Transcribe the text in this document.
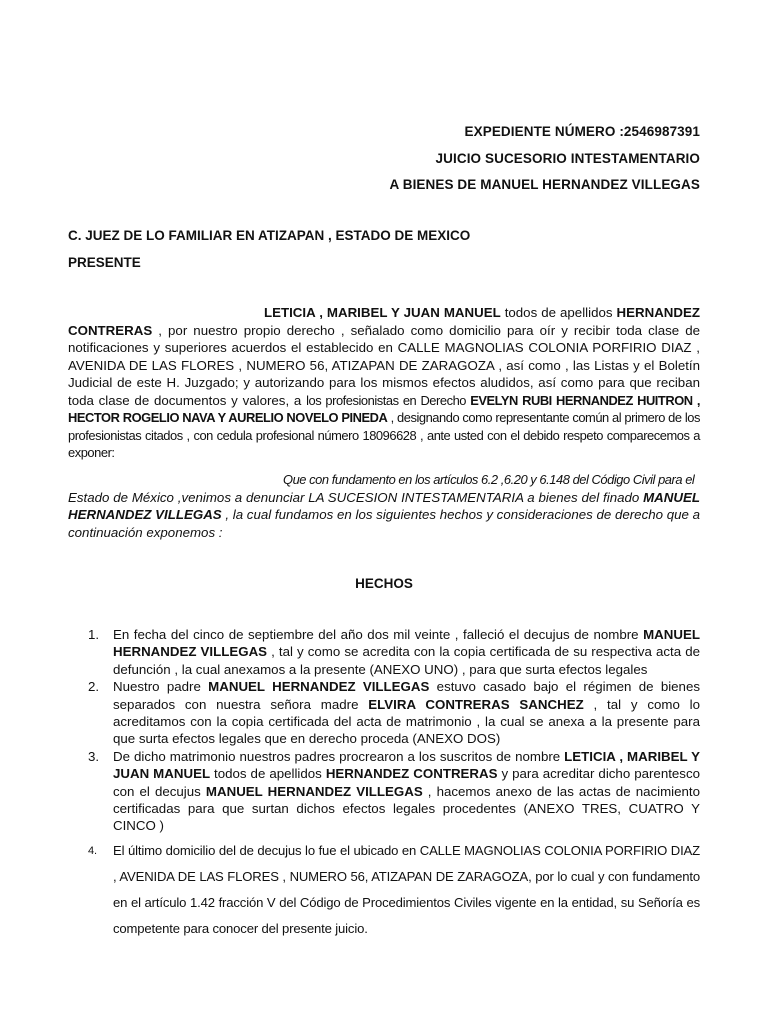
EXPEDIENTE NÚMERO :2546987391
JUICIO SUCESORIO INTESTAMENTARIO
A BIENES DE MANUEL HERNANDEZ VILLEGAS
C. JUEZ DE LO FAMILIAR EN ATIZAPAN , ESTADO DE MEXICO
PRESENTE
LETICIA , MARIBEL Y JUAN MANUEL todos de apellidos HERNANDEZ CONTRERAS , por nuestro propio derecho , señalado como domicilio para oír y recibir toda clase de notificaciones y superiores acuerdos el establecido en CALLE MAGNOLIAS COLONIA PORFIRIO DIAZ , AVENIDA DE LAS FLORES , NUMERO 56, ATIZAPAN DE ZARAGOZA , así como , las Listas y el Boletín Judicial de este H. Juzgado; y autorizando para los mismos efectos aludidos, así como para que reciban toda clase de documentos y valores, a los profesionistas en Derecho EVELYN RUBI HERNANDEZ HUITRON , HECTOR ROGELIO NAVA Y AURELIO NOVELO PINEDA , designando como representante común al primero de los profesionistas citados , con cedula profesional número 18096628 , ante usted con el debido respeto comparecemos a exponer:
Que con fundamento en los artículos 6.2 ,6.20 y 6.148 del Código Civil para el
Estado de México ,venimos a denunciar LA SUCESION INTESTAMENTARIA a bienes del finado MANUEL HERNANDEZ VILLEGAS , la cual fundamos en los siguientes hechos y consideraciones de derecho que a continuación exponemos :
HECHOS
1.	En fecha del cinco de septiembre del año dos mil veinte , falleció el decujus de nombre MANUEL HERNANDEZ VILLEGAS , tal y como se acredita con la copia certificada de su respectiva acta de defunción , la cual anexamos a la presente (ANEXO UNO) , para que surta efectos legales
2.	Nuestro padre MANUEL HERNANDEZ VILLEGAS estuvo casado bajo el régimen de bienes separados con nuestra señora madre ELVIRA CONTRERAS SANCHEZ , tal y como lo acreditamos con la copia certificada del acta de matrimonio , la cual se anexa a la presente para que surta efectos legales que en derecho proceda (ANEXO DOS)
3.	De dicho matrimonio nuestros padres procrearon a los suscritos de nombre LETICIA , MARIBEL Y JUAN MANUEL todos de apellidos HERNANDEZ CONTRERAS y para acreditar dicho parentesco con el decujus MANUEL HERNANDEZ VILLEGAS , hacemos anexo de las actas de nacimiento certificadas para que surtan dichos efectos legales procedentes (ANEXO TRES, CUATRO Y CINCO )
4.	El último domicilio del de decujus lo fue el ubicado en CALLE MAGNOLIAS COLONIA PORFIRIO DIAZ , AVENIDA DE LAS FLORES , NUMERO 56, ATIZAPAN DE ZARAGOZA, por lo cual y con fundamento en el artículo 1.42 fracción V del Código de Procedimientos Civiles vigente en la entidad, su Señoría es competente para conocer del presente juicio.
